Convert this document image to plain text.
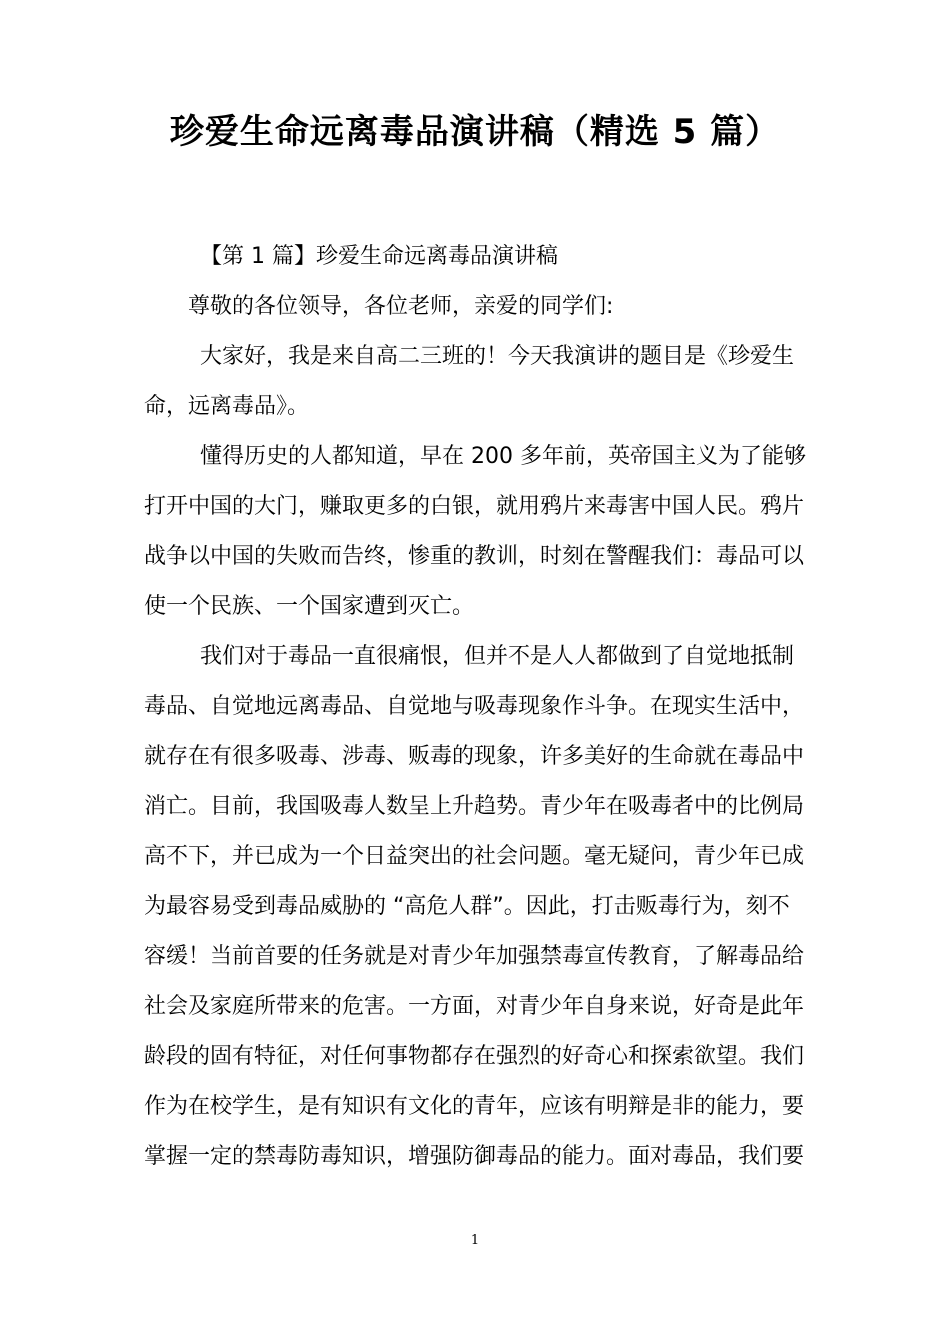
珍爱生命远离毒品演讲稿（精选 5 篇）
【第 1 篇】珍爱生命远离毒品演讲稿
尊敬的各位领导，各位老师，亲爱的同学们:
大家好，我是来自高二三班的！今天我演讲的题目是《珍爱生
命，远离毒品》。
懂得历史的人都知道，早在 200 多年前，英帝国主义为了能够
打开中国的大门，赚取更多的白银，就用鸦片来毒害中国人民。鸦片
战争以中国的失败而告终，惨重的教训，时刻在警醒我们：毒品可以
使一个民族、一个国家遭到灭亡。
我们对于毒品一直很痛恨，但并不是人人都做到了自觉地抵制
毒品、自觉地远离毒品、自觉地与吸毒现象作斗争。在现实生活中，
就存在有很多吸毒、涉毒、贩毒的现象，许多美好的生命就在毒品中
消亡。目前，我国吸毒人数呈上升趋势。青少年在吸毒者中的比例局
高不下，并已成为一个日益突出的社会问题。毫无疑问，青少年已成
为最容易受到毒品威胁的 “高危人群”。因此，打击贩毒行为，刻不
容缓！当前首要的任务就是对青少年加强禁毒宣传教育，了解毒品给
社会及家庭所带来的危害。一方面，对青少年自身来说，好奇是此年
龄段的固有特征，对任何事物都存在强烈的好奇心和探索欲望。我们
作为在校学生，是有知识有文化的青年，应该有明辩是非的能力，要
掌握一定的禁毒防毒知识，增强防御毒品的能力。面对毒品，我们要
1
